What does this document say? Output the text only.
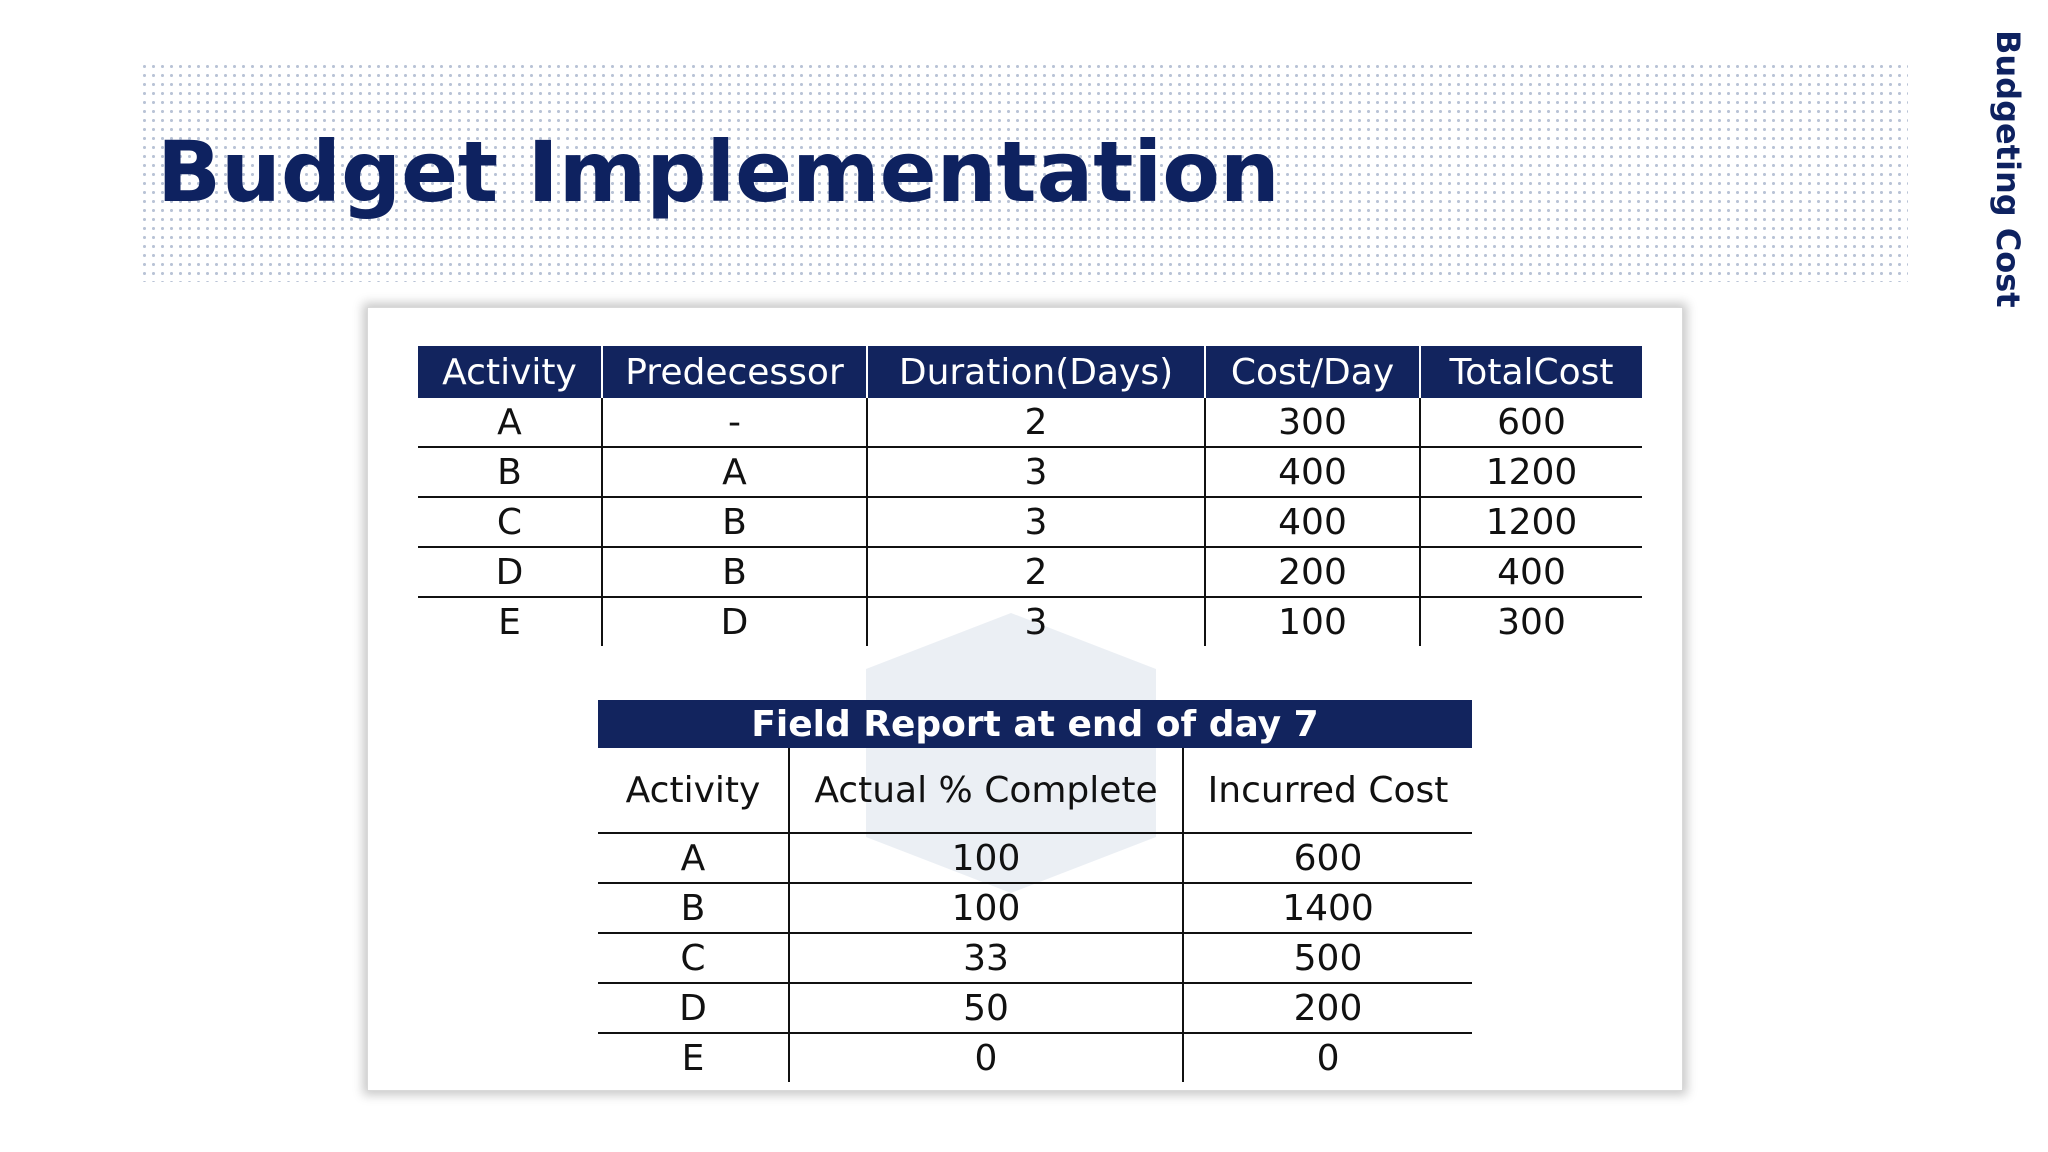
Budget Implementation	Budgeting Cost
Activity	Predecessor	Duration(Days)	Cost/Day	TotalCost
A	-	2	300	600
B	A	3	400	1200
C	B	3	400	1200
D	B	2	200	400
E	D	3	100	300
Field Report at end of day 7		
Activity	Actual % Complete	Incurred Cost
A	100	600
B	100	1400
C	33	500
D	50	200
E	0	0
